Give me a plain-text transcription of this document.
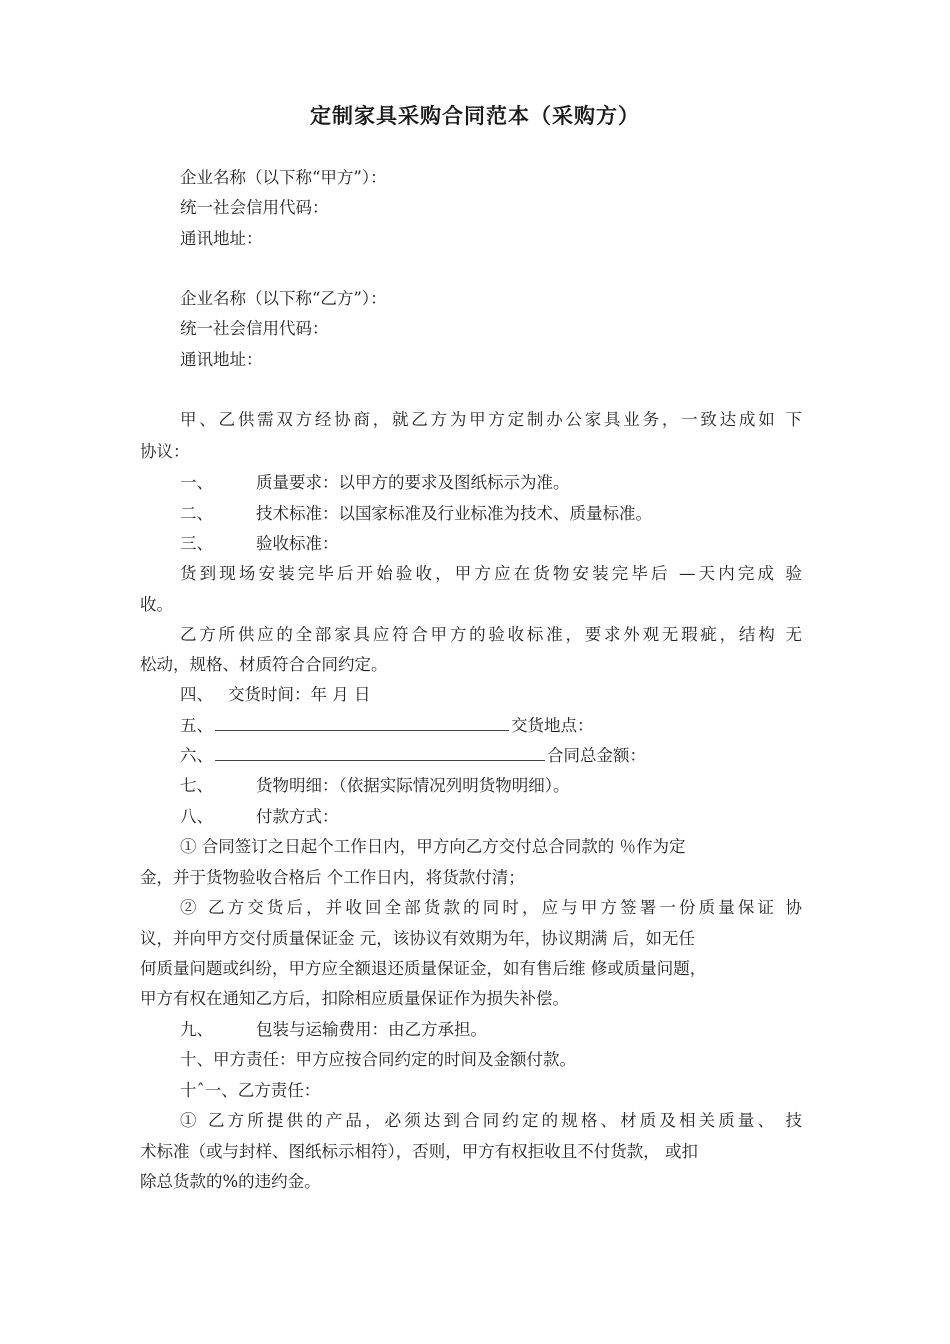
定制家具采购合同范本（采购方）
企业名称（以下称“甲方”）：
统一社会信用代码：
通讯地址：
企业名称（以下称“乙方”）：
统一社会信用代码：
通讯地址：
甲、乙供需双方经协商，就乙方为甲方定制办公家具业务，一致达成如 下
协议：
一、	质量要求：以甲方的要求及图纸标示为准。
二、	技术标准：以国家标准及行业标准为技术、质量标准。
三、	验收标准：
货到现场安装完毕后开始验收，甲方应在货物安装完毕后 —天内完成 验
收。
乙方所供应的全部家具应符合甲方的验收标准，要求外观无瑕疵，结构 无
松动，规格、材质符合合同约定。
四、 交货时间：年 月 日
五、	交货地点：
六、	合同总金额：
七、	货物明细：（依据实际情况列明货物明细）。
八、	付款方式：
① 合同签订之日起个工作日内，甲方向乙方交付总合同款的 ％作为定
金，并于货物验收合格后 个工作日内，将货款付清；
② 乙方交货后，并收回全部货款的同时，应与甲方签署一份质量保证 协
议，并向甲方交付质量保证金 元，该协议有效期为年，协议期满 后，如无任
何质量问题或纠纷，甲方应全额退还质量保证金，如有售后维 修或质量问题，
甲方有权在通知乙方后，扣除相应质量保证作为损失补偿。
九、	包装与运输费用：由乙方承担。
十、甲方责任：甲方应按合同约定的时间及金额付款。
十ˆ一、乙方责任：
① 乙方所提供的产品，必须达到合同约定的规格、材质及相关质量、 技
术标准（或与封样、图纸标示相符），否则，甲方有权拒收且不付货款， 或扣
除总货款的%的违约金。
